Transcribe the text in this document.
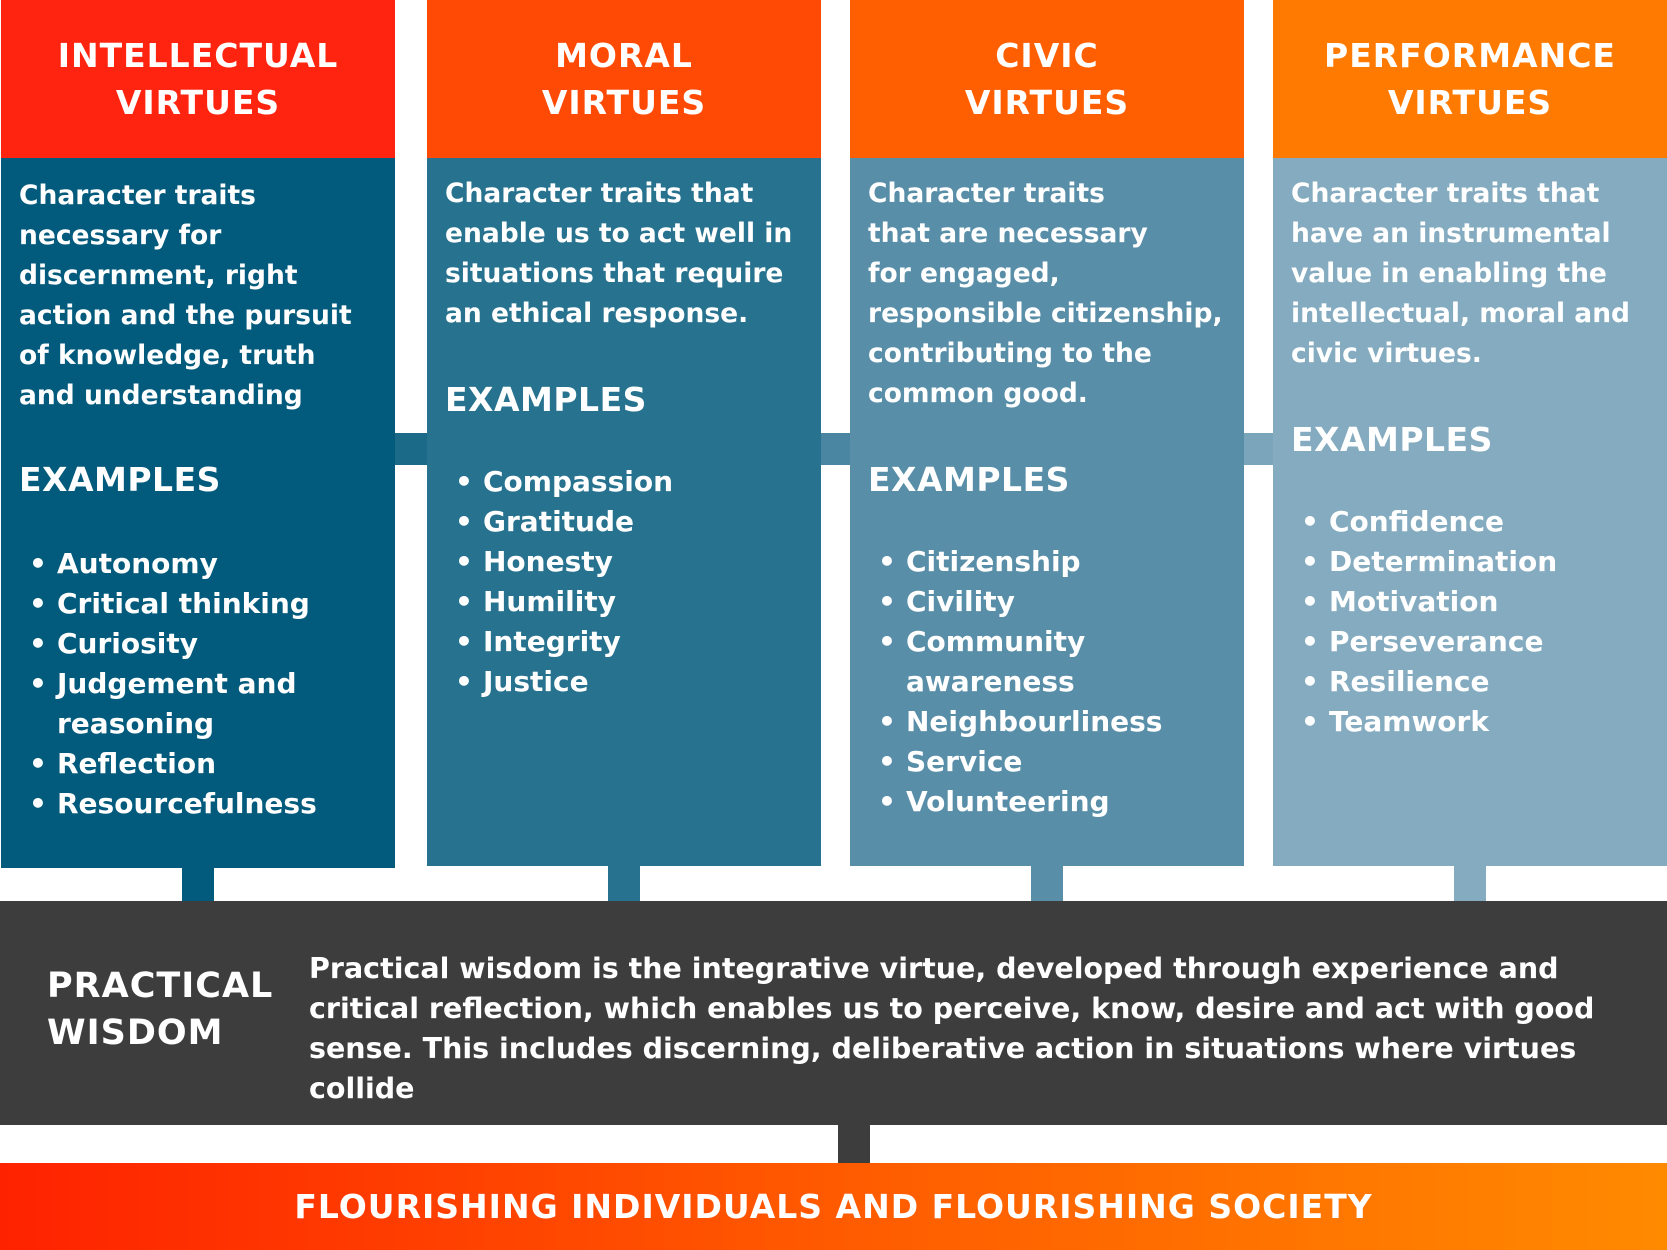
INTELLECTUAL
VIRTUES

Character traits
necessary for
discernment, right
action and the pursuit
of knowledge, truth
and understanding

EXAMPLES
• Autonomy
• Critical thinking
• Curiosity
• Judgement and
reasoning
• Reflection
• Resourcefulness
MORAL
VIRTUES

Character traits that
enable us to act well in
situations that require
an ethical response.

EXAMPLES
• Compassion
• Gratitude
• Honesty
• Humility
• Integrity
• Justice
CIVIC
VIRTUES

Character traits
that are necessary
for engaged,
responsible citizenship,
contributing to the
common good.

EXAMPLES
• Citizenship
• Civility
• Community
awareness
• Neighbourliness
• Service
• Volunteering
PERFORMANCE
VIRTUES

Character traits that
have an instrumental
value in enabling the
intellectual, moral and
civic virtues.

EXAMPLES
• Confidence
• Determination
• Motivation
• Perseverance
• Resilience
• Teamwork
PRACTICAL
WISDOM

Practical wisdom is the integrative virtue, developed through experience and critical reflection, which enables us to perceive, know, desire and act with good sense. This includes discerning, deliberative action in situations where virtues collide

FLOURISHING INDIVIDUALS AND FLOURISHING SOCIETY
